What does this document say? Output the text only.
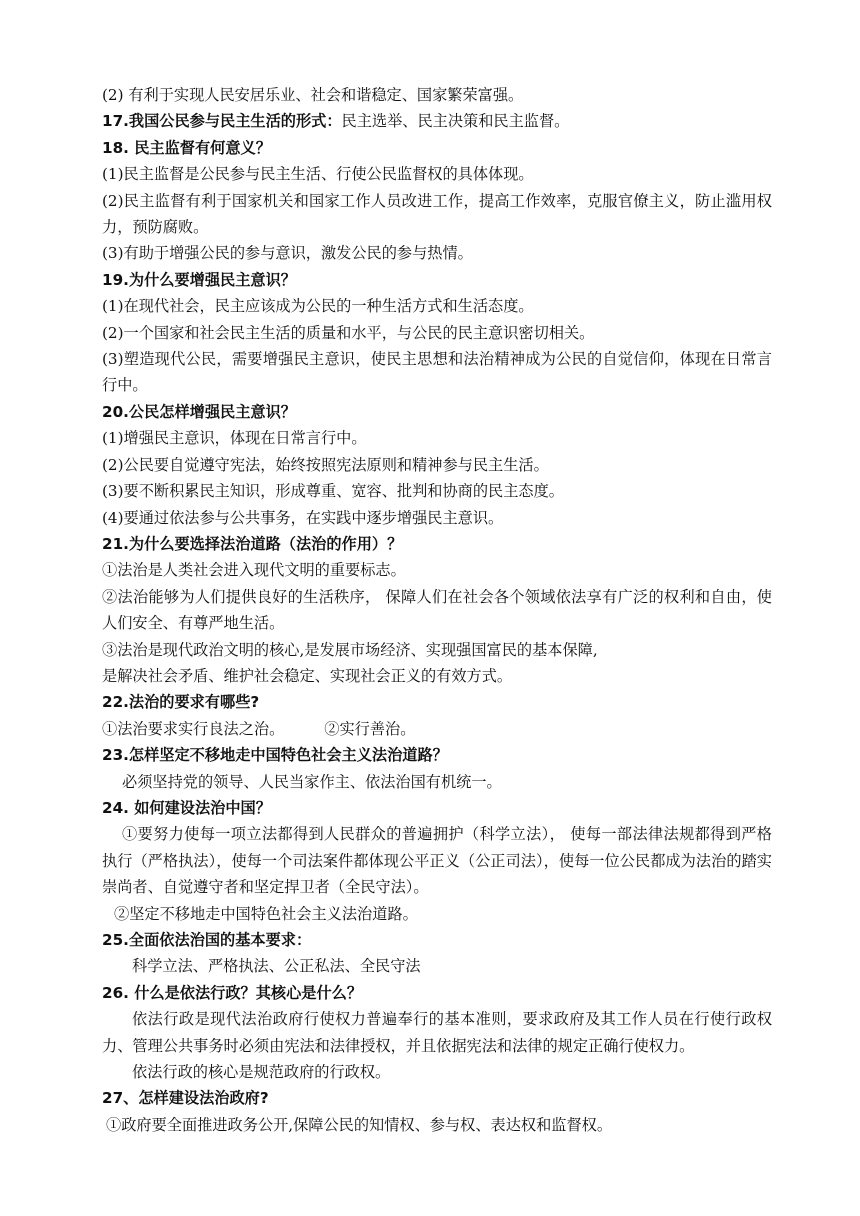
(2) 有利于实现人民安居乐业、社会和谐稳定、国家繁荣富强。
17.我国公民参与民主生活的形式：民主选举、民主决策和民主监督。
18. 民主监督有何意义？
(1)民主监督是公民参与民主生活、行使公民监督权的具体体现。
(2)民主监督有利于国家机关和国家工作人员改进工作，提高工作效率，克服官僚主义，防止滥用权力，预防腐败。
(3)有助于增强公民的参与意识，激发公民的参与热情。
19.为什么要增强民主意识？
(1)在现代社会，民主应该成为公民的一种生活方式和生活态度。
(2)一个国家和社会民主生活的质量和水平，与公民的民主意识密切相关。
(3)塑造现代公民，需要增强民主意识，使民主思想和法治精神成为公民的自觉信仰，体现在日常言行中。
20.公民怎样增强民主意识？
(1)增强民主意识，体现在日常言行中。
(2)公民要自觉遵守宪法，始终按照宪法原则和精神参与民主生活。
(3)要不断积累民主知识，形成尊重、宽容、批判和协商的民主态度。
(4)要通过依法参与公共事务，在实践中逐步增强民主意识。
21.为什么要选择法治道路（法治的作用）？
①法治是人类社会进入现代文明的重要标志。
②法治能够为人们提供良好的生活秩序， 保障人们在社会各个领域依法享有广泛的权利和自由，使人们安全、有尊严地生活。
③法治是现代政治文明的核心,是发展市场经济、实现强国富民的基本保障,
是解决社会矛盾、维护社会稳定、实现社会正义的有效方式。
22.法治的要求有哪些?
①法治要求实行良法之治。	②实行善治。
23.怎样坚定不移地走中国特色社会主义法治道路？
必须坚持党的领导、人民当家作主、依法治国有机统一。
24. 如何建设法治中国？
①要努力使每一项立法都得到人民群众的普遍拥护（科学立法）， 使每一部法律法规都得到严格执行（严格执法），使每一个司法案件都体现公平正义（公正司法），使每一位公民都成为法治的踏实崇尚者、自觉遵守者和坚定捍卫者（全民守法）。
②坚定不移地走中国特色社会主义法治道路。
25.全面依法治国的基本要求：
科学立法、严格执法、公正私法、全民守法
26. 什么是依法行政？其核心是什么？
依法行政是现代法治政府行使权力普遍奉行的基本准则，要求政府及其工作人员在行使行政权力、管理公共事务时必须由宪法和法律授权，并且依据宪法和法律的规定正确行使权力。
依法行政的核心是规范政府的行政权。
27、怎样建设法治政府?
①政府要全面推进政务公开,保障公民的知情权、参与权、表达权和监督权。
